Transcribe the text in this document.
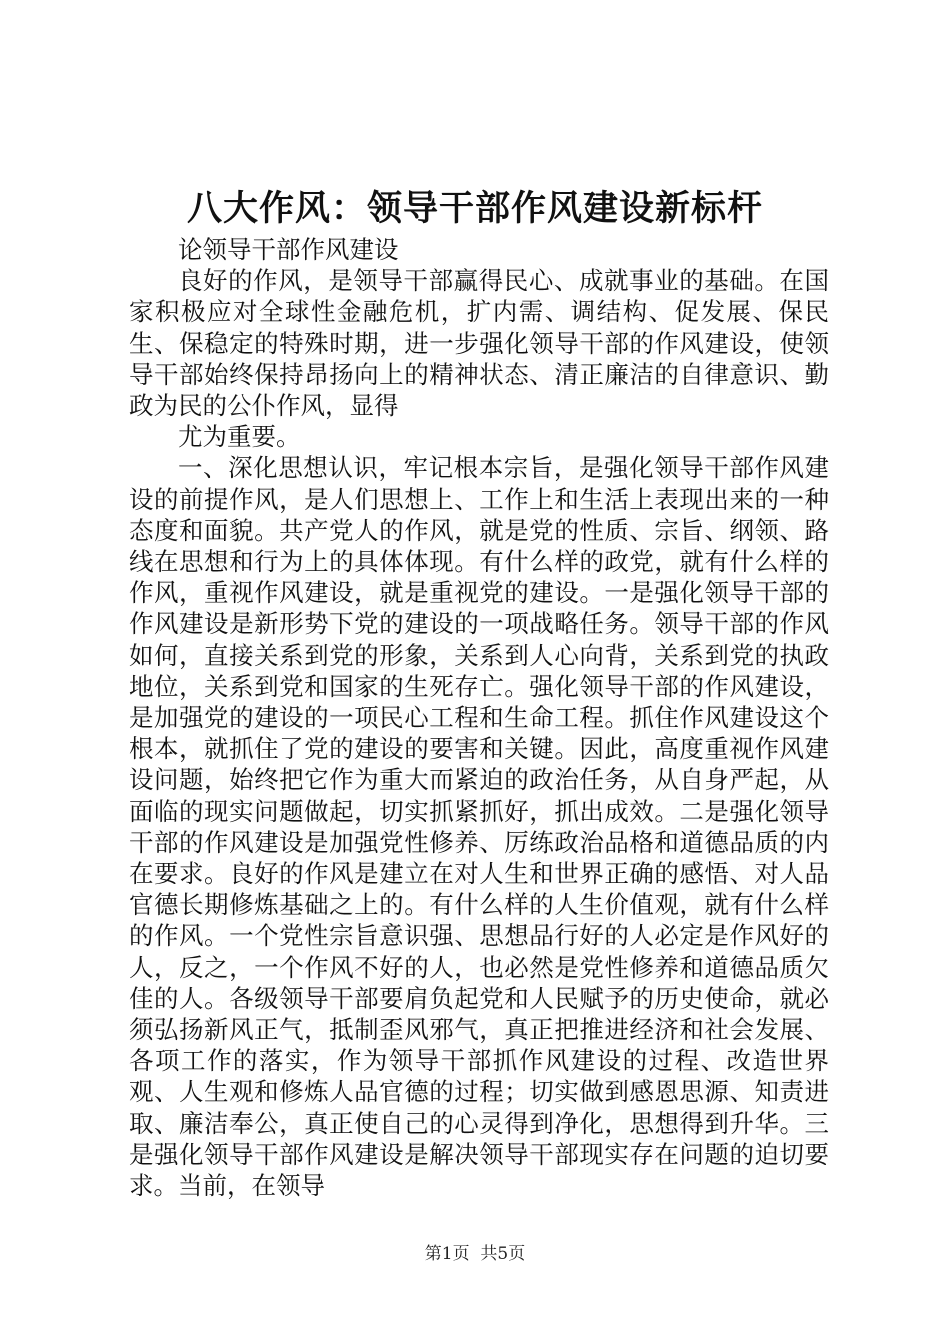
八大作风：领导干部作风建设新标杆

论领导干部作风建设

良好的作风，是领导干部赢得民心、成就事业的基础。在国家积极应对全球性金融危机，扩内需、调结构、促发展、保民生、保稳定的特殊时期，进一步强化领导干部的作风建设，使领导干部始终保持昂扬向上的精神状态、清正廉洁的自律意识、勤政为民的公仆作风，显得

尤为重要。

一、深化思想认识，牢记根本宗旨，是强化领导干部作风建设的前提作风，是人们思想上、工作上和生活上表现出来的一种态度和面貌。共产党人的作风，就是党的性质、宗旨、纲领、路线在思想和行为上的具体体现。有什么样的政党，就有什么样的作风，重视作风建设，就是重视党的建设。一是强化领导干部的作风建设是新形势下党的建设的一项战略任务。领导干部的作风如何，直接关系到党的形象，关系到人心向背，关系到党的执政地位，关系到党和国家的生死存亡。强化领导干部的作风建设，是加强党的建设的一项民心工程和生命工程。抓住作风建设这个根本，就抓住了党的建设的要害和关键。因此，高度重视作风建设问题，始终把它作为重大而紧迫的政治任务，从自身严起，从面临的现实问题做起，切实抓紧抓好，抓出成效。二是强化领导干部的作风建设是加强党性修养、厉练政治品格和道德品质的内在要求。良好的作风是建立在对人生和世界正确的感悟、对人品官德长期修炼基础之上的。有什么样的人生价值观，就有什么样的作风。一个党性宗旨意识强、思想品行好的人必定是作风好的人，反之，一个作风不好的人，也必然是党性修养和道德品质欠佳的人。各级领导干部要肩负起党和人民赋予的历史使命，就必须弘扬新风正气，抵制歪风邪气，真正把推进经济和社会发展、各项工作的落实，作为领导干部抓作风建设的过程、改造世界观、人生观和修炼人品官德的过程；切实做到感恩思源、知责进取、廉洁奉公，真正使自己的心灵得到净化，思想得到升华。三是强化领导干部作风建设是解决领导干部现实存在问题的迫切要求。当前，在领导

第1页 共5页
